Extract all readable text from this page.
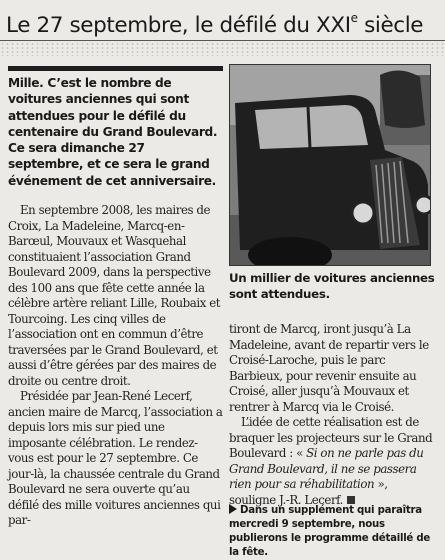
Le 27 septembre, le défilé du XXIe siècle
Mille. C’est le nombre de voitures anciennes qui sont attendues pour le défilé du centenaire du Grand Boulevard. Ce sera dimanche 27 septembre, et ce sera le grand événement de cet anniversaire.

En septembre 2008, les maires de Croix, La Madeleine, Marcq-en-Barœul, Mouvaux et Wasquehal constituaient l’association Grand Boulevard 2009, dans la perspective des 100 ans que fête cette année la célèbre artère reliant Lille, Roubaix et Tourcoing. Les cinq villes de l’association ont en commun d’être traversées par le Grand Boulevard, et aussi d’être gérées par des maires de droite ou centre droit.

Présidée par Jean-René Lecerf, ancien maire de Marcq, l’association a depuis lors mis sur pied une imposante célébration. Le rendez-vous est pour le 27 septembre. Ce jour-là, la chaussée centrale du Grand Boulevard ne sera ouverte qu’au défilé des mille voitures anciennes qui par-

Un millier de voitures anciennes sont attendues.

tiront de Marcq, iront jusqu’à La Madeleine, avant de repartir vers le Croisé-Laroche, puis le parc Barbieux, pour revenir ensuite au Croisé, aller jusqu’à Mouvaux et rentrer à Marcq via le Croisé.

L’idée de cette réalisation est de braquer les projecteurs sur le Grand Boulevard : « Si on ne parle pas du Grand Boulevard, il ne se passera rien pour sa réhabilitation », souligne J.-R. Lecerf.

Dans un supplément qui paraîtra mercredi 9 septembre, nous publierons le programme détaillé de la fête.
